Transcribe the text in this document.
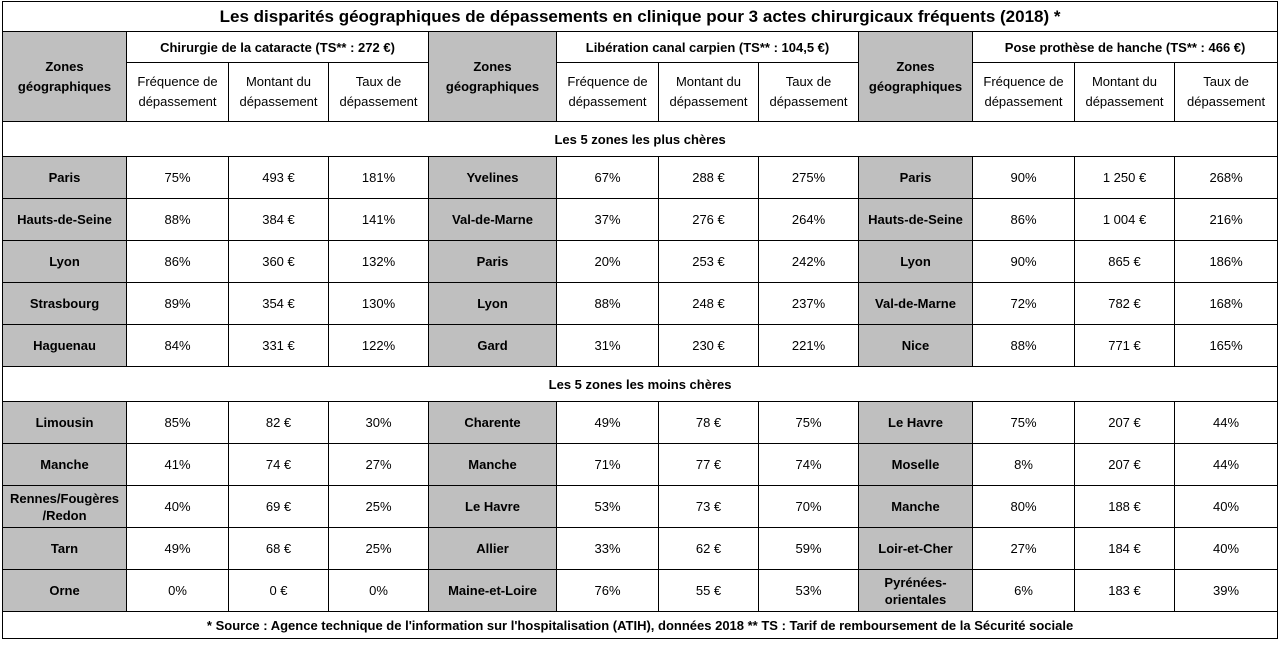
Les disparités géographiques de dépassements en clinique pour 3 actes chirurgicaux fréquents (2018) *											
Zones géographiques	Chirurgie de la cataracte (TS** : 272 €)			Zones géographiques	Libération canal carpien (TS** : 104,5 €)			Zones géographiques	Pose prothèse de hanche (TS** : 466 €)		
	Fréquence de dépassement	Montant du dépassement	Taux de dépassement		Fréquence de dépassement	Montant du dépassement	Taux de dépassement		Fréquence de dépassement	Montant du dépassement	Taux de dépassement
Les 5 zones les plus chères											
Paris	75%	493 €	181%	Yvelines	67%	288 €	275%	Paris	90%	1 250 €	268%
Hauts-de-Seine	88%	384 €	141%	Val-de-Marne	37%	276 €	264%	Hauts-de-Seine	86%	1 004 €	216%
Lyon	86%	360 €	132%	Paris	20%	253 €	242%	Lyon	90%	865 €	186%
Strasbourg	89%	354 €	130%	Lyon	88%	248 €	237%	Val-de-Marne	72%	782 €	168%
Haguenau	84%	331 €	122%	Gard	31%	230 €	221%	Nice	88%	771 €	165%
Les 5 zones les moins chères											
Limousin	85%	82 €	30%	Charente	49%	78 €	75%	Le Havre	75%	207 €	44%
Manche	41%	74 €	27%	Manche	71%	77 €	74%	Moselle	8%	207 €	44%
Rennes/Fougères /Redon	40%	69 €	25%	Le Havre	53%	73 €	70%	Manche	80%	188 €	40%
Tarn	49%	68 €	25%	Allier	33%	62 €	59%	Loir-et-Cher	27%	184 €	40%
Orne	0%	0 €	0%	Maine-et-Loire	76%	55 €	53%	Pyrénées-orientales	6%	183 €	39%
* Source : Agence technique de l'information sur l'hospitalisation (ATIH), données 2018 ** TS : Tarif de remboursement de la Sécurité sociale											
